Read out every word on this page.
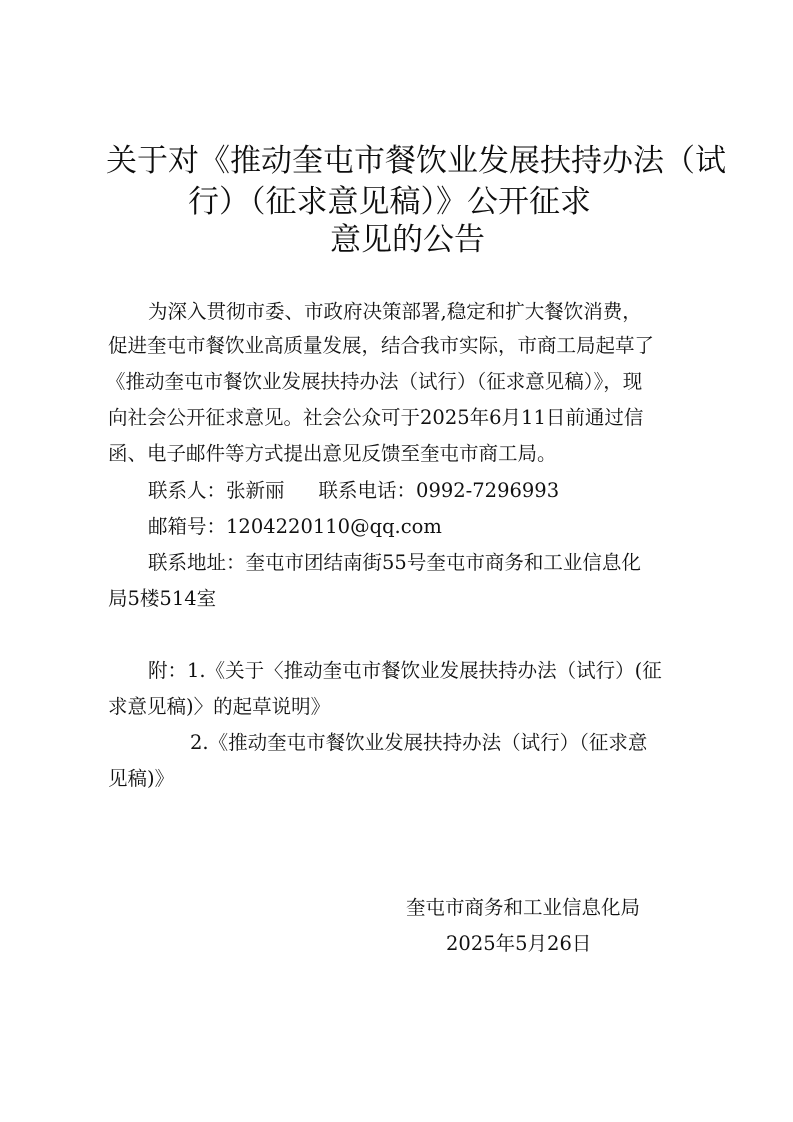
关于对《推动奎屯市餐饮业发展扶持办法（试
行）（征求意见稿）》公开征求
意见的公告
为深入贯彻市委、市政府决策部署,稳定和扩大餐饮消费，
促进奎屯市餐饮业高质量发展，结合我市实际，市商工局起草了
《推动奎屯市餐饮业发展扶持办法（试行）（征求意见稿）》，现
向社会公开征求意见。社会公众可于2025年6月11日前通过信
函、电子邮件等方式提出意见反馈至奎屯市商工局。
联系人：张新丽 联系电话：0992-7296993
邮箱号：1204220110@qq.com
联系地址：奎屯市团结南街55号奎屯市商务和工业信息化
局5楼514室
附：1.《关于〈推动奎屯市餐饮业发展扶持办法（试行）(征
求意见稿)〉的起草说明》
2.《推动奎屯市餐饮业发展扶持办法（试行）（征求意
见稿)》
奎屯市商务和工业信息化局
2025年5月26日
